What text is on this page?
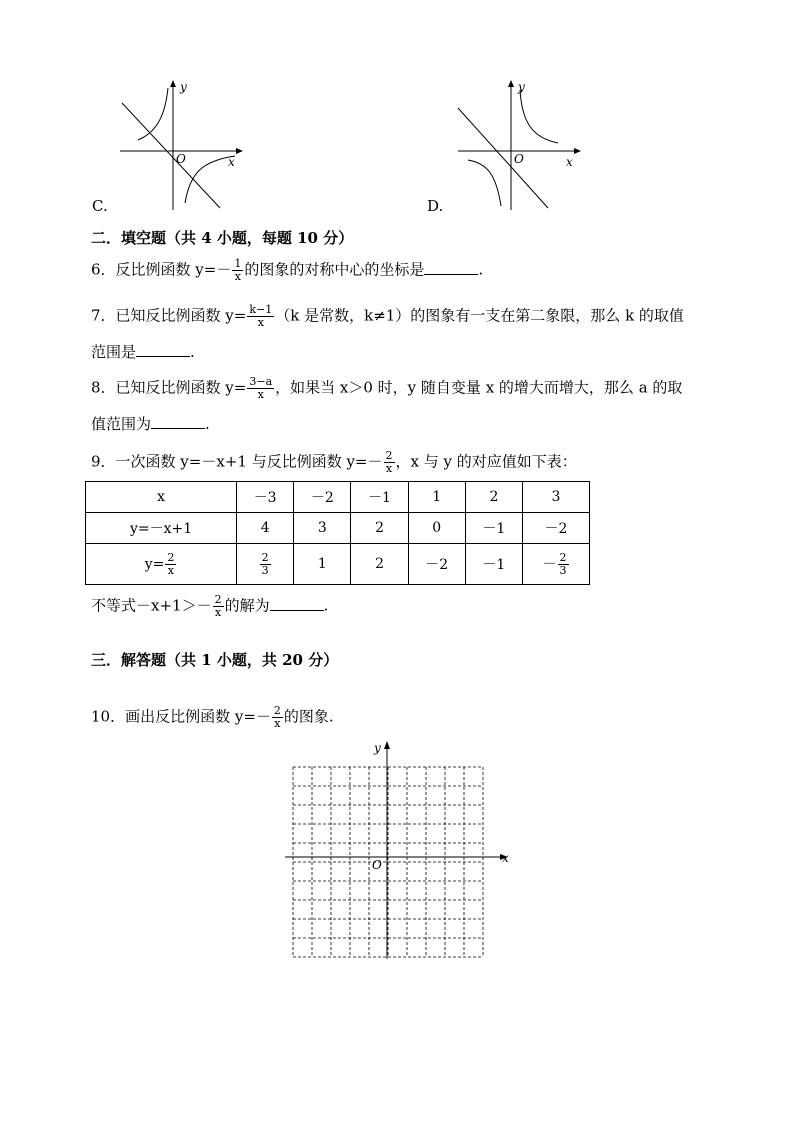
y
x
O
C.
y
x
O
D.
二．填空题（共 4 小题，每题 10 分）
6．反比例函数 $y=- \frac{1}{x}$ 的图象的对称中心的坐标是	.
7．已知反比例函数 $y= \frac{k-1}{x} (k$ 是常数，k≠1）的图象有一支在第二象限，那么 k 的取值
范围是	.
8．已知反比例函数 $y= \frac{3-a}{x}$ ，如果当 x＞0 时，y 随自变量 x 的增大而增大，那么 a 的取
值范围为	.
9．一次函数 y=－x+1 与反比例函数 $y=- \frac{2}{x}$ ，x 与 y 的对应值如下表：
x	－3	－2	－1	1	2	3
y=－x+1	4	3	2	0	－1	－2
$y= \frac{2}{x}$	$\frac{2}{3}$	1	2	－2	－1	－ $\frac{2}{3}$
不等式$-x+1>- \frac{2}{x}$ 的解为	.
三．解答题（共 1 小题，共 20 分）
10．画出反比例函数 $y=- \frac{2}{x}$ 的图象.
y
x
O
